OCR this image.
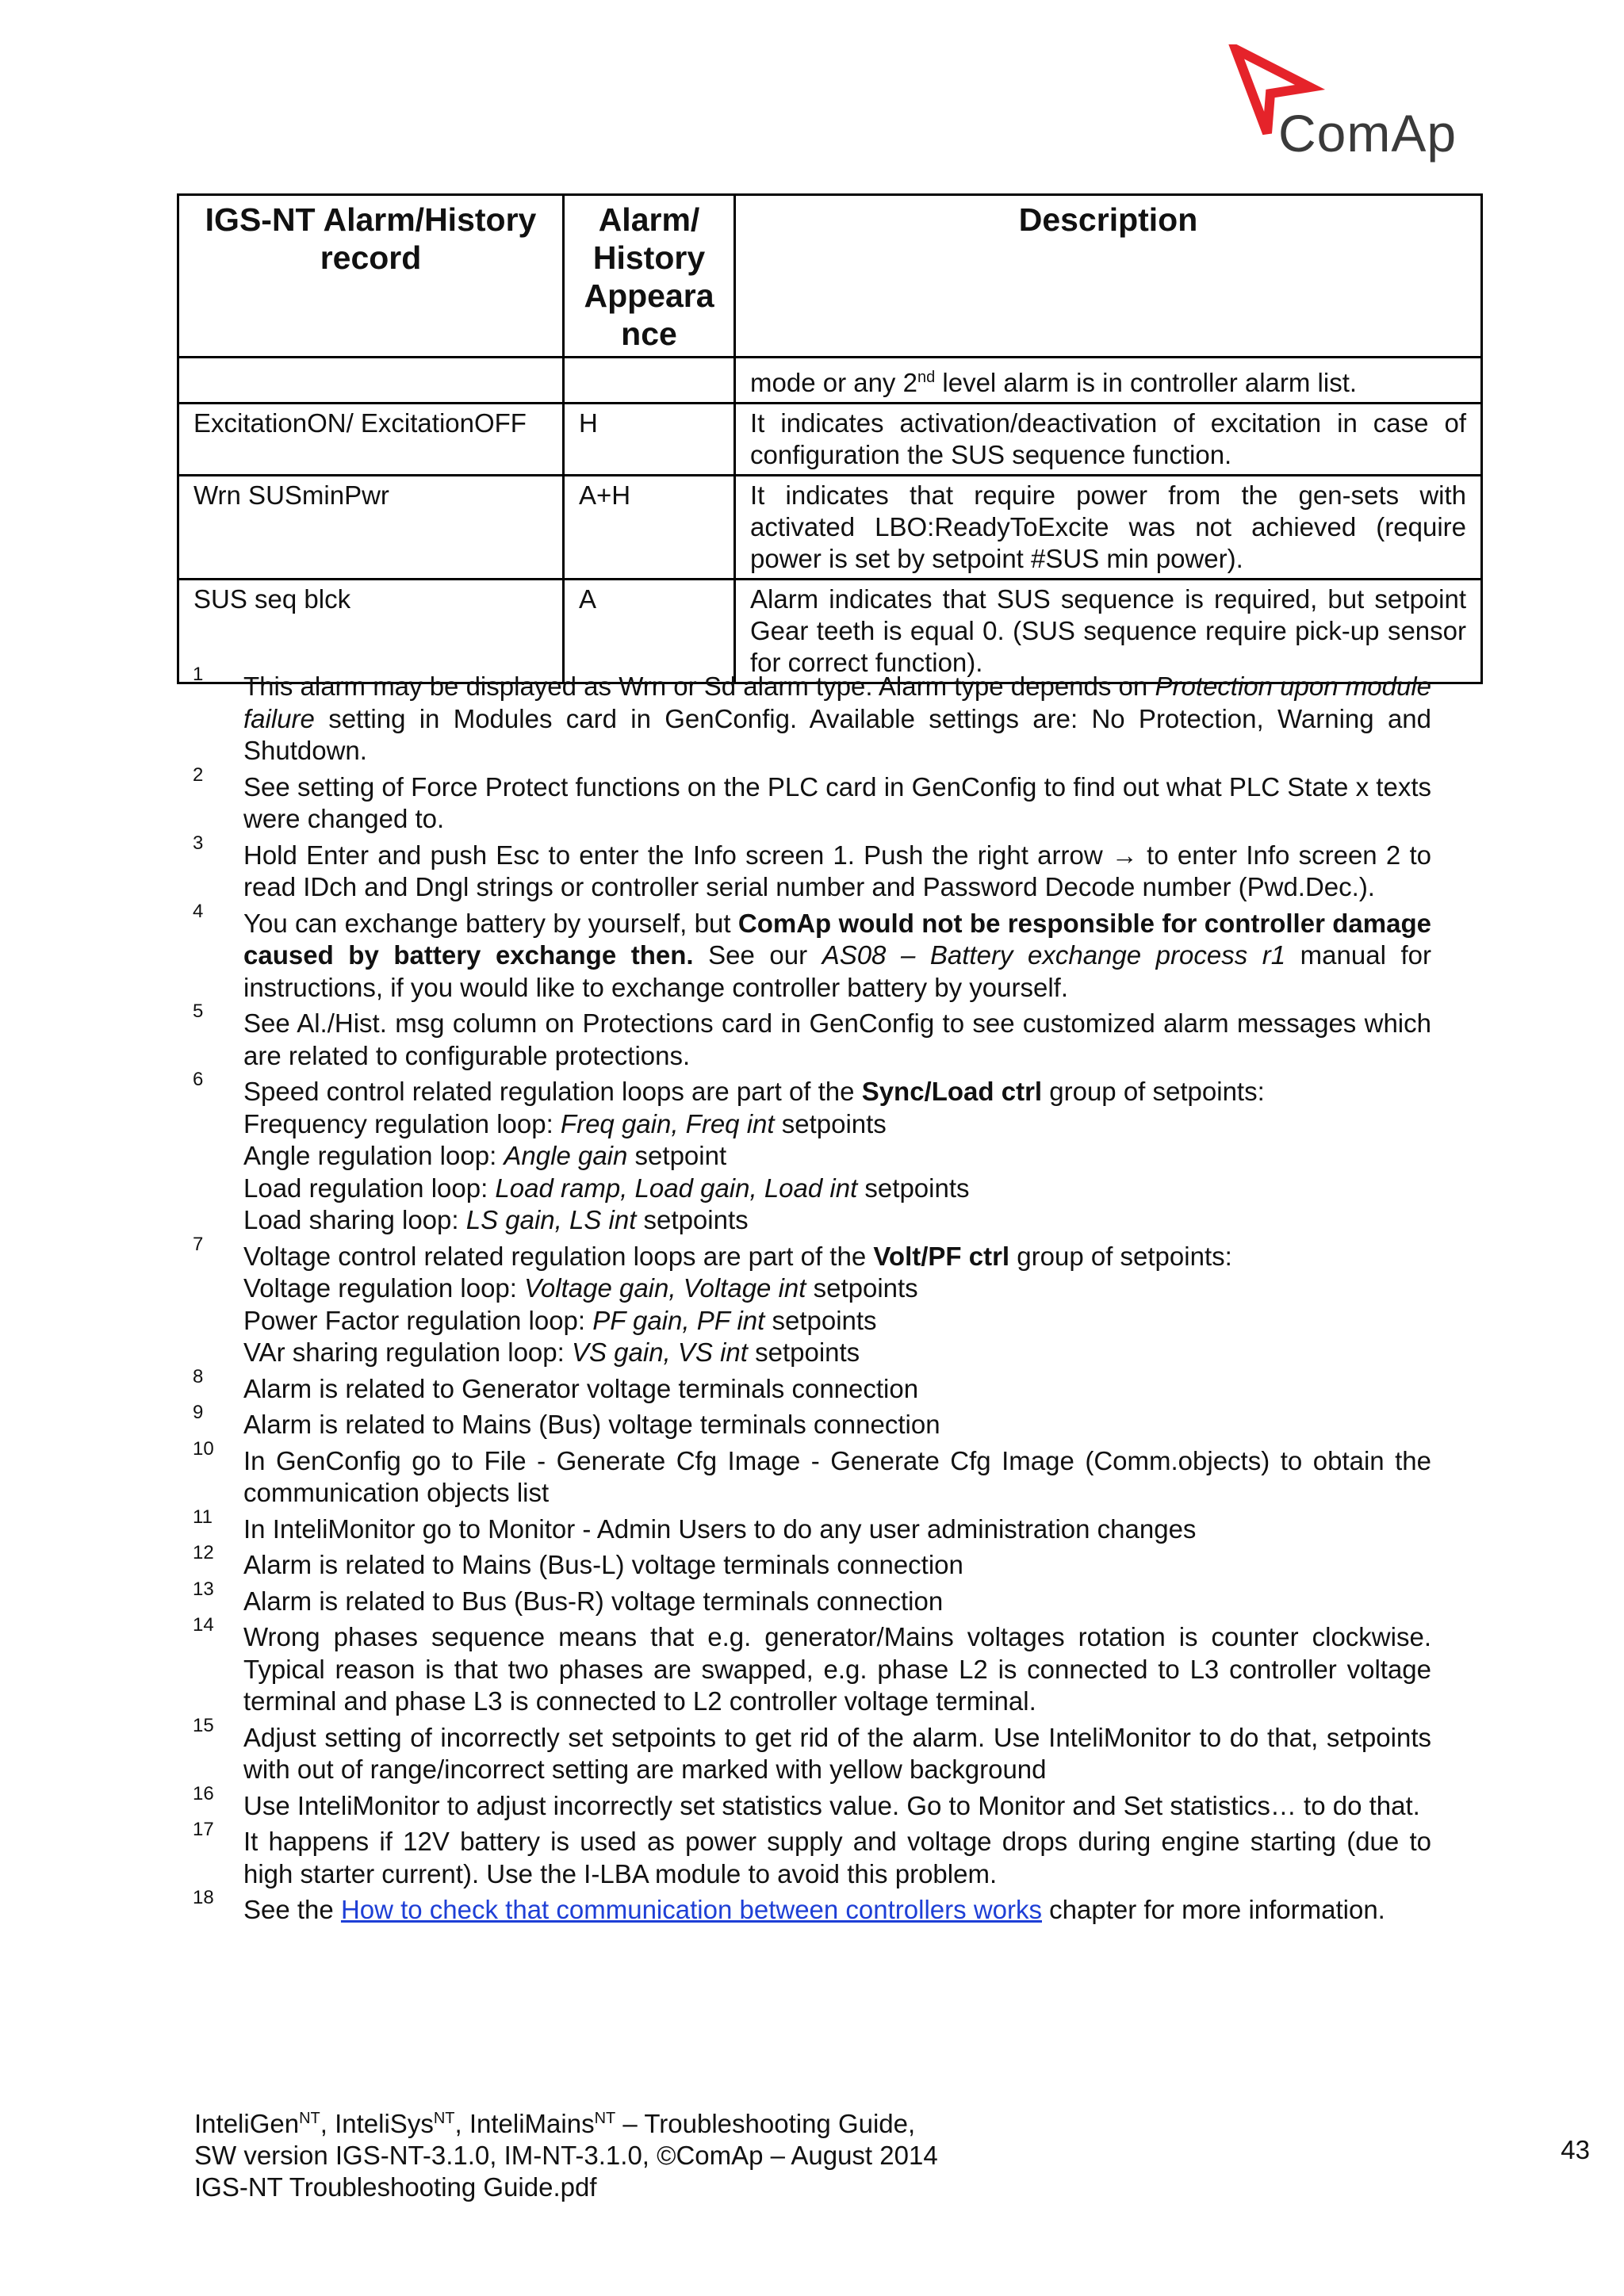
ComAp
IGS-NT Alarm/History record	Alarm/ History Appeara nce	Description
		mode or any 2nd level alarm is in controller alarm list.
ExcitationON/ ExcitationOFF	H	It indicates activation/deactivation of excitation in case of configuration the SUS sequence function.
Wrn SUSminPwr	A+H	It indicates that require power from the gen-sets with activated LBO:ReadyToExcite was not achieved (require power is set by setpoint #SUS min power).
SUS seq blck	A	Alarm indicates that SUS sequence is required, but setpoint Gear teeth is equal 0. (SUS sequence require pick-up sensor for correct function).
1 This alarm may be displayed as Wrn or Sd alarm type. Alarm type depends on Protection upon module failure setting in Modules card in GenConfig. Available settings are: No Protection, Warning and Shutdown.

2 See setting of Force Protect functions on the PLC card in GenConfig to find out what PLC State x texts were changed to.

3 Hold Enter and push Esc to enter the Info screen 1. Push the right arrow → to enter Info screen 2 to read IDch and Dngl strings or controller serial number and Password Decode number (Pwd.Dec.).

4 You can exchange battery by yourself, but ComAp would not be responsible for controller damage caused by battery exchange then. See our AS08 – Battery exchange process r1 manual for instructions, if you would like to exchange controller battery by yourself.

5 See Al./Hist. msg column on Protections card in GenConfig to see customized alarm messages which are related to configurable protections.

6 Speed control related regulation loops are part of the Sync/Load ctrl group of setpoints:
Frequency regulation loop: Freq gain, Freq int setpoints
Angle regulation loop: Angle gain setpoint
Load regulation loop: Load ramp, Load gain, Load int setpoints
Load sharing loop: LS gain, LS int setpoints

7 Voltage control related regulation loops are part of the Volt/PF ctrl group of setpoints:
Voltage regulation loop: Voltage gain, Voltage int setpoints
Power Factor regulation loop: PF gain, PF int setpoints
VAr sharing regulation loop: VS gain, VS int setpoints

8 Alarm is related to Generator voltage terminals connection

9 Alarm is related to Mains (Bus) voltage terminals connection

10 In GenConfig go to File - Generate Cfg Image - Generate Cfg Image (Comm.objects) to obtain the communication objects list

11 In InteliMonitor go to Monitor - Admin Users to do any user administration changes

12 Alarm is related to Mains (Bus-L) voltage terminals connection

13 Alarm is related to Bus (Bus-R) voltage terminals connection

14 Wrong phases sequence means that e.g. generator/Mains voltages rotation is counter clockwise. Typical reason is that two phases are swapped, e.g. phase L2 is connected to L3 controller voltage terminal and phase L3 is connected to L2 controller voltage terminal.

15 Adjust setting of incorrectly set setpoints to get rid of the alarm. Use InteliMonitor to do that, setpoints with out of range/incorrect setting are marked with yellow background

16 Use InteliMonitor to adjust incorrectly set statistics value. Go to Monitor and Set statistics… to do that.

17 It happens if 12V battery is used as power supply and voltage drops during engine starting (due to high starter current). Use the I-LBA module to avoid this problem.

18 See the How to check that communication between controllers works chapter for more information.

InteliGen$^{NT}$, InteliSys$^{NT}$, InteliMains$^{NT}$ – Troubleshooting Guide,
SW version IGS-NT-3.1.0, IM-NT-3.1.0, ©ComAp – August 2014
IGS-NT Troubleshooting Guide.pdf
43
